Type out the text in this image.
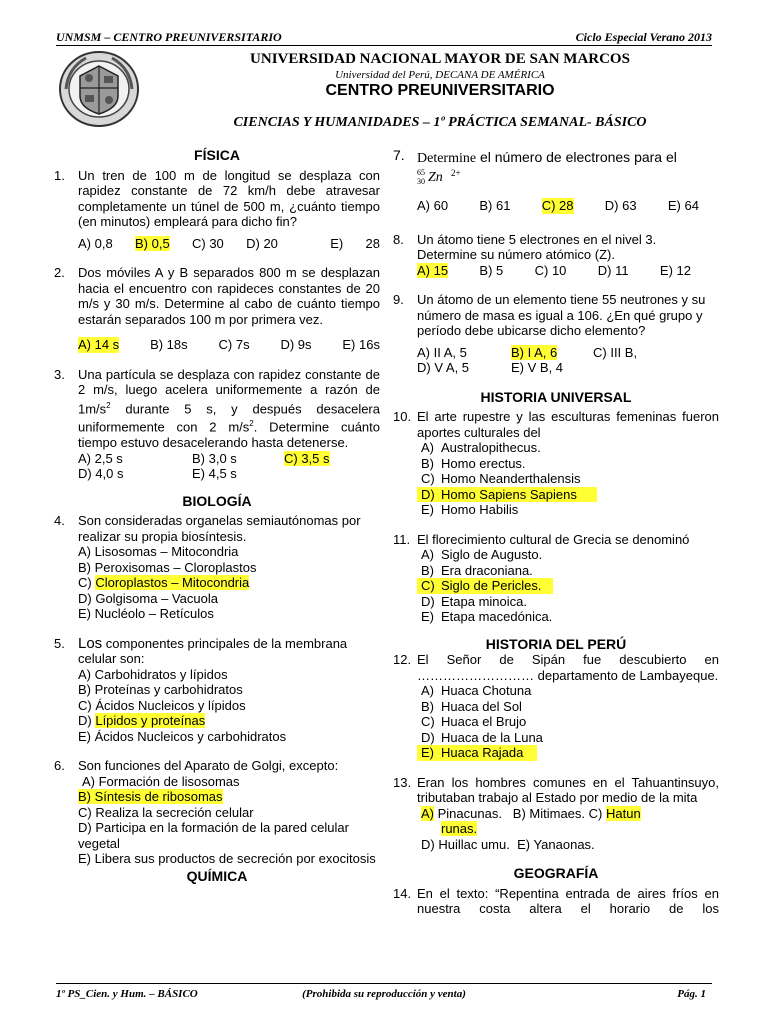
UNMSM – CENTRO PREUNIVERSITARIO	Ciclo Especial Verano 2013
UNIVERSIDAD NACIONAL MAYOR DE SAN MARCOS
Universidad del Perú, DECANA DE AMÉRICA
CENTRO PREUNIVERSITARIO
CIENCIAS Y HUMANIDADES – 1º PRÁCTICA SEMANAL- BÁSICO
FÍSICA
1.	Un tren de 100 m de longitud se desplaza con rapidez constante de 72 km/h debe atravesar completamente un túnel de 500 m, ¿cuánto tiempo (en minutos) empleará para dicho fin?
A) 0,8 B) 0,5 C) 30 D) 20	E) 28
2.	Dos móviles A y B separados 800 m se desplazan hacia el encuentro con rapideces constantes de 20 m/s y 30 m/s. Determine al cabo de cuánto tiempo estarán separados 100 m por primera vez.
A) 14 s B) 18s C) 7s D) 9s E) 16s
3.	Una partícula se desplaza con rapidez constante de 2 m/s, luego acelera uniformemente a razón de $1m/s^2$ durante 5 s, y después desacelera uniformemente con 2 $m/s^2$. Determine cuánto tiempo estuvo desacelerando hasta detenerse.
A) 2,5 s	B) 3,0 s	C) 3,5 s
D) 4,0 s	E) 4,5 s
BIOLOGÍA
4.	Son consideradas organelas semiautónomas por realizar su propia biosíntesis.
A) Lisosomas – Mitocondria
B) Peroxisomas – Cloroplastos
C) Cloroplastos – Mitocondria
D) Golgisoma – Vacuola
E) Nucléolo – Retículos
5. Los componentes principales de la membrana celular son:
A) Carbohidratos y lípidos
B) Proteínas y carbohidratos
C) Ácidos Nucleicos y lípidos
D) Lípidos y proteínas
E) Ácidos Nucleicos y carbohidratos
6.	Son funciones del Aparato de Golgi, excepto:
A) Formación de lisosomas
B) Síntesis de ribosomas
C) Realiza la secreción celular
D) Participa en la formación de la pared celular vegetal
E) Libera sus productos de secreción por exocitosis
QUÍMICA
7. Determine el número de electrones para el
65
30 Zn 2+
A) 60 B) 61 C) 28 D) 63 E) 64
8.	Un átomo tiene 5 electrones en el nivel 3. Determine su número atómico (Z).
A) 15 B) 5 C) 10 D) 11 E) 12
9.	Un átomo de un elemento tiene 55 neutrones y su número de masa es igual a 106. ¿En qué grupo y período debe ubicarse dicho elemento?
A) II A, 5	B) I A, 6	C) III B,
D) V A, 5	E) V B, 4
HISTORIA UNIVERSAL
10. El arte rupestre y las esculturas femeninas fueron aportes culturales del
A) Australopithecus.
B) Homo erectus.
C) Homo Neanderthalensis
D) Homo Sapiens Sapiens
E) Homo Habilis
11. El florecimiento cultural de Grecia se denominó
A) Siglo de Augusto.
B) Era draconiana.
C) Siglo de Pericles.
D) Etapa minoica.
E) Etapa macedónica.
HISTORIA DEL PERÚ
12. El Señor de Sipán fue descubierto en ……………………… departamento de Lambayeque.
A) Huaca Chotuna
B) Huaca del Sol
C) Huaca el Brujo
D) Huaca de la Luna
E) Huaca Rajada
13. Eran los hombres comunes en el Tahuantinsuyo, tributaban trabajo al Estado por medio de la mita
A) Pinacunas. B) Mitimaes. C) Hatun
runas.
D) Huillac umu. E) Yanaonas.
GEOGRAFÍA
14. En el texto: “Repentina entrada de aires fríos en nuestra costa altera el horario de los
1º PS_Cien. y Hum. – BÁSICO	(Prohibida su reproducción y venta)	Pág. 1
